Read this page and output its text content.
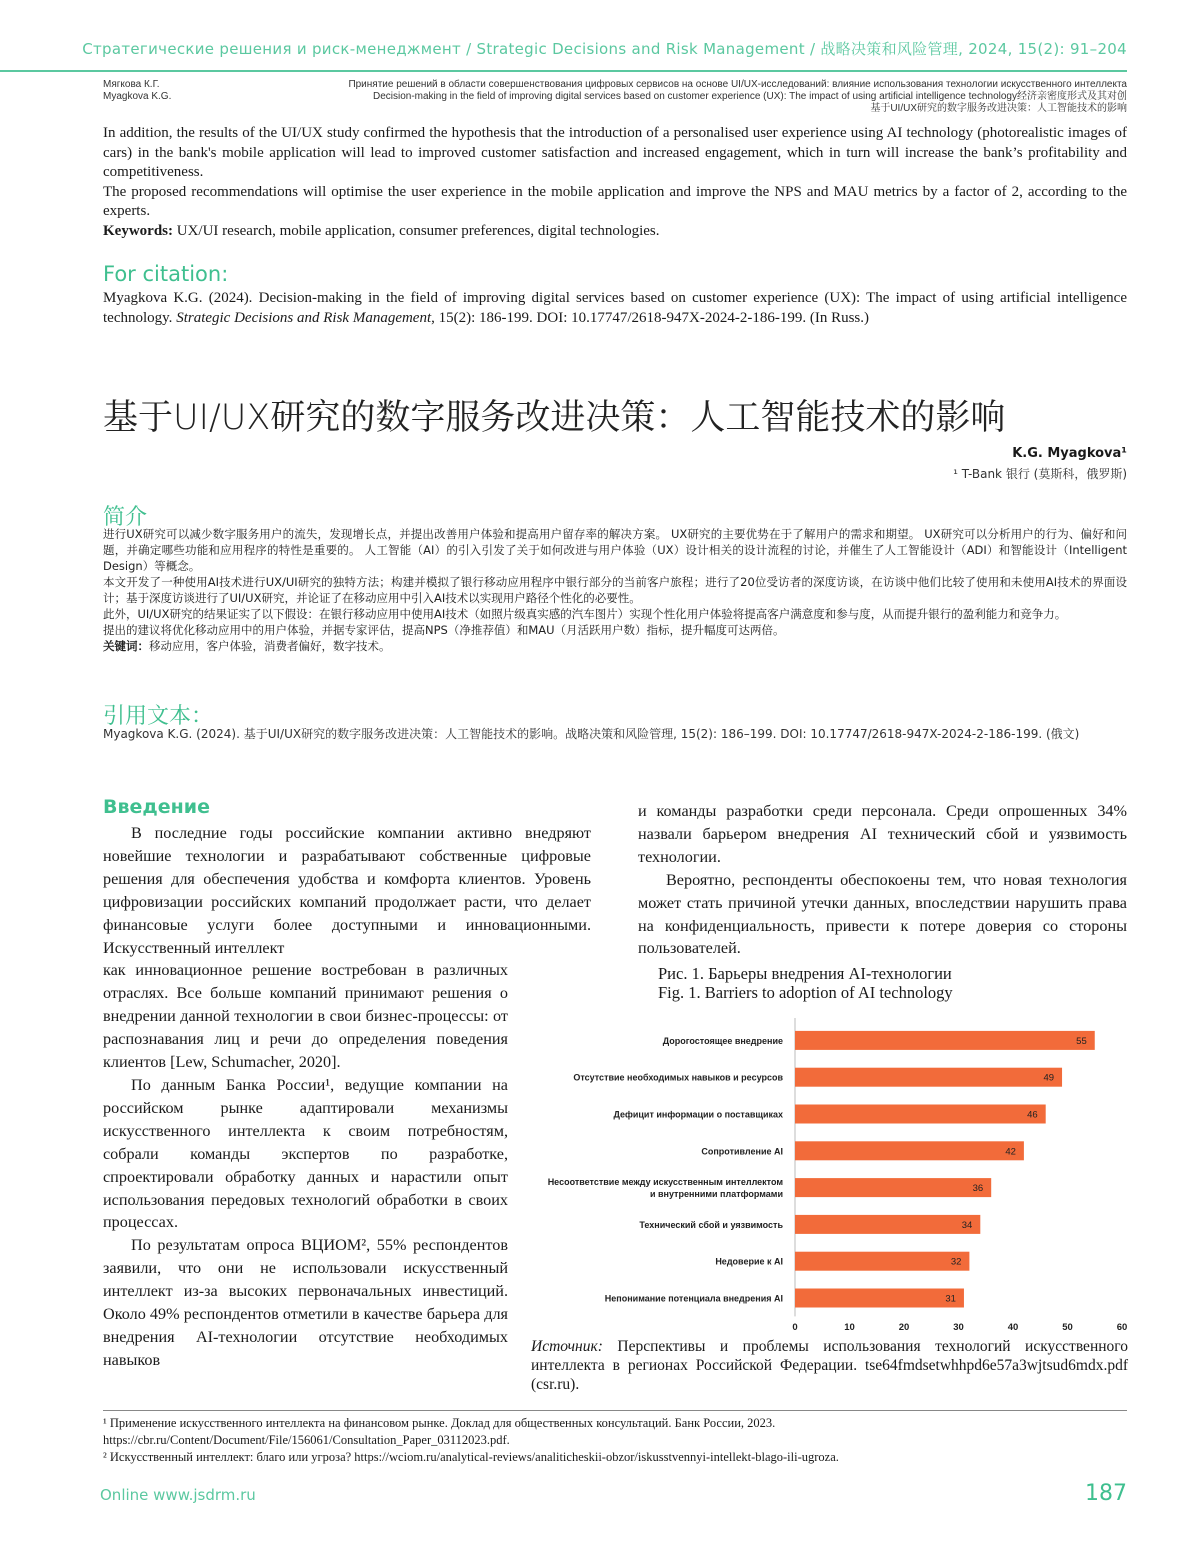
Стратегические решения и риск-менеджмент / Strategic Decisions and Risk Management / 战略决策和风险管理, 2024, 15(2): 91–204
Мягкова К.Г.
Myagkova K.G.
Принятие решений в области совершенствования цифровых сервисов на основе UI/UX-исследований: влияние использования технологии искусственного интеллекта
Decision-making in the field of improving digital services based on customer experience (UX): The impact of using artificial intelligence technology经济亲密度形式及其对创
基于UI/UX研究的数字服务改进决策：人工智能技术的影响

In addition, the results of the UI/UX study confirmed the hypothesis that the introduction of a personalised user experience using AI technology (photorealistic images of cars) in the bank's mobile application will lead to improved customer satisfaction and increased engagement, which in turn will increase the bank’s profitability and competitiveness.

The proposed recommendations will optimise the user experience in the mobile application and improve the NPS and MAU metrics by a factor of 2, according to the experts.

Keywords: UX/UI research, mobile application, consumer preferences, digital technologies.

For citation:
Myagkova K.G. (2024). Decision-making in the field of improving digital services based on customer experience (UX): The impact of using artificial intelligence technology. Strategic Decisions and Risk Management, 15(2): 186-199. DOI: 10.17747/2618-947X-2024-2-186-199. (In Russ.)
基于UI/UX研究的数字服务改进决策：人工智能技术的影响
K.G. Myagkova¹
¹ T-Bank 银行 (莫斯科，俄罗斯)
简介

进行UX研究可以减少数字服务用户的流失，发现增长点，并提出改善用户体验和提高用户留存率的解决方案。 UX研究的主要优势在于了解用户的需求和期望。 UX研究可以分析用户的行为、偏好和问题，并确定哪些功能和应用程序的特性是重要的。 人工智能（AI）的引入引发了关于如何改进与用户体验（UX）设计相关的设计流程的讨论，并催生了人工智能设计（ADI）和智能设计（Intelligent Design）等概念。

本文开发了一种使用AI技术进行UX/UI研究的独特方法；构建并模拟了银行移动应用程序中银行部分的当前客户旅程；进行了20位受访者的深度访谈，在访谈中他们比较了使用和未使用AI技术的界面设计；基于深度访谈进行了UI/UX研究，并论证了在移动应用中引入AI技术以实现用户路径个性化的必要性。

此外，UI/UX研究的结果证实了以下假设：在银行移动应用中使用AI技术（如照片级真实感的汽车图片）实现个性化用户体验将提高客户满意度和参与度，从而提升银行的盈利能力和竞争力。

提出的建议将优化移动应用中的用户体验，并据专家评估，提高NPS（净推荐值）和MAU（月活跃用户数）指标，提升幅度可达两倍。

关键词：移动应用，客户体验，消费者偏好，数字技术。

引用文本：
Myagkova K.G. (2024). 基于UI/UX研究的数字服务改进决策：人工智能技术的影响。战略决策和风险管理, 15(2): 186–199. DOI: 10.17747/2618-947X-2024-2-186-199. (俄文)
Введение

В последние годы российские компании активно внедряют новейшие технологии и разрабатывают собственные цифровые решения для обеспечения удобства и комфорта клиентов. Уровень цифровизации российских компаний продолжает расти, что делает финансовые услуги более доступными и инновационными. Искусственный интеллект

как инновационное решение востребован в различных отраслях. Все больше компаний принимают решения о внедрении данной технологии в свои бизнес-процессы: от распознавания лиц и речи до определения поведения клиентов [Lew, Schumacher, 2020].

По данным Банка России¹, ведущие компании на российском рынке адаптировали механизмы искусственного интеллекта к своим потребностям, собрали команды экспертов по разработке, спроектировали обработку данных и нарастили опыт использования передовых технологий обработки в своих процессах.

По результатам опроса ВЦИОМ², 55% респондентов заявили, что они не использовали искусственный интеллект из-за высоких первоначальных инвестиций. Около 49% респондентов отметили в качестве барьера для внедрения AI-технологии отсутствие необходимых навыков

и команды разработки среди персонала. Среди опрошенных 34% назвали барьером внедрения AI технический сбой и уязвимость технологии.

Вероятно, респонденты обеспокоены тем, что новая технология может стать причиной утечки данных, впоследствии нарушить права на конфиденциальность, привести к потере доверия со стороны пользователей.

Рис. 1. Барьеры внедрения AI-технологии
Fig. 1. Barriers to adoption of AI technology
55
Дорогостоящее внедрение
49
Отсутствие необходимых навыков и ресурсов
46
Дефицит информации о поставщиках
42
Сопротивление AI
36
Несоответствие между искусственным интеллектом
и внутренними платформами
34
Технический сбой и уязвимость
32
Недоверие к AI
31
Непонимание потенциала внедрения AI
0	10	20	30	40	50	60
Источник: Перспективы и проблемы использования технологий искусственного интеллекта в регионах Российской Федерации. tse64fmdsetwhhpd6e57a3wjtsud6mdx.pdf (csr.ru).

¹ Применение искусственного интеллекта на финансовом рынке. Доклад для общественных консультаций. Банк России, 2023. https://cbr.ru/Content/Document/File/156061/Consultation_Paper_03112023.pdf.

² Искусственный интеллект: благо или угроза? https://wciom.ru/analytical-reviews/analiticheskii-obzor/iskusstvennyi-intellekt-blago-ili-ugroza.

Online www.jsdrm.ru	187
